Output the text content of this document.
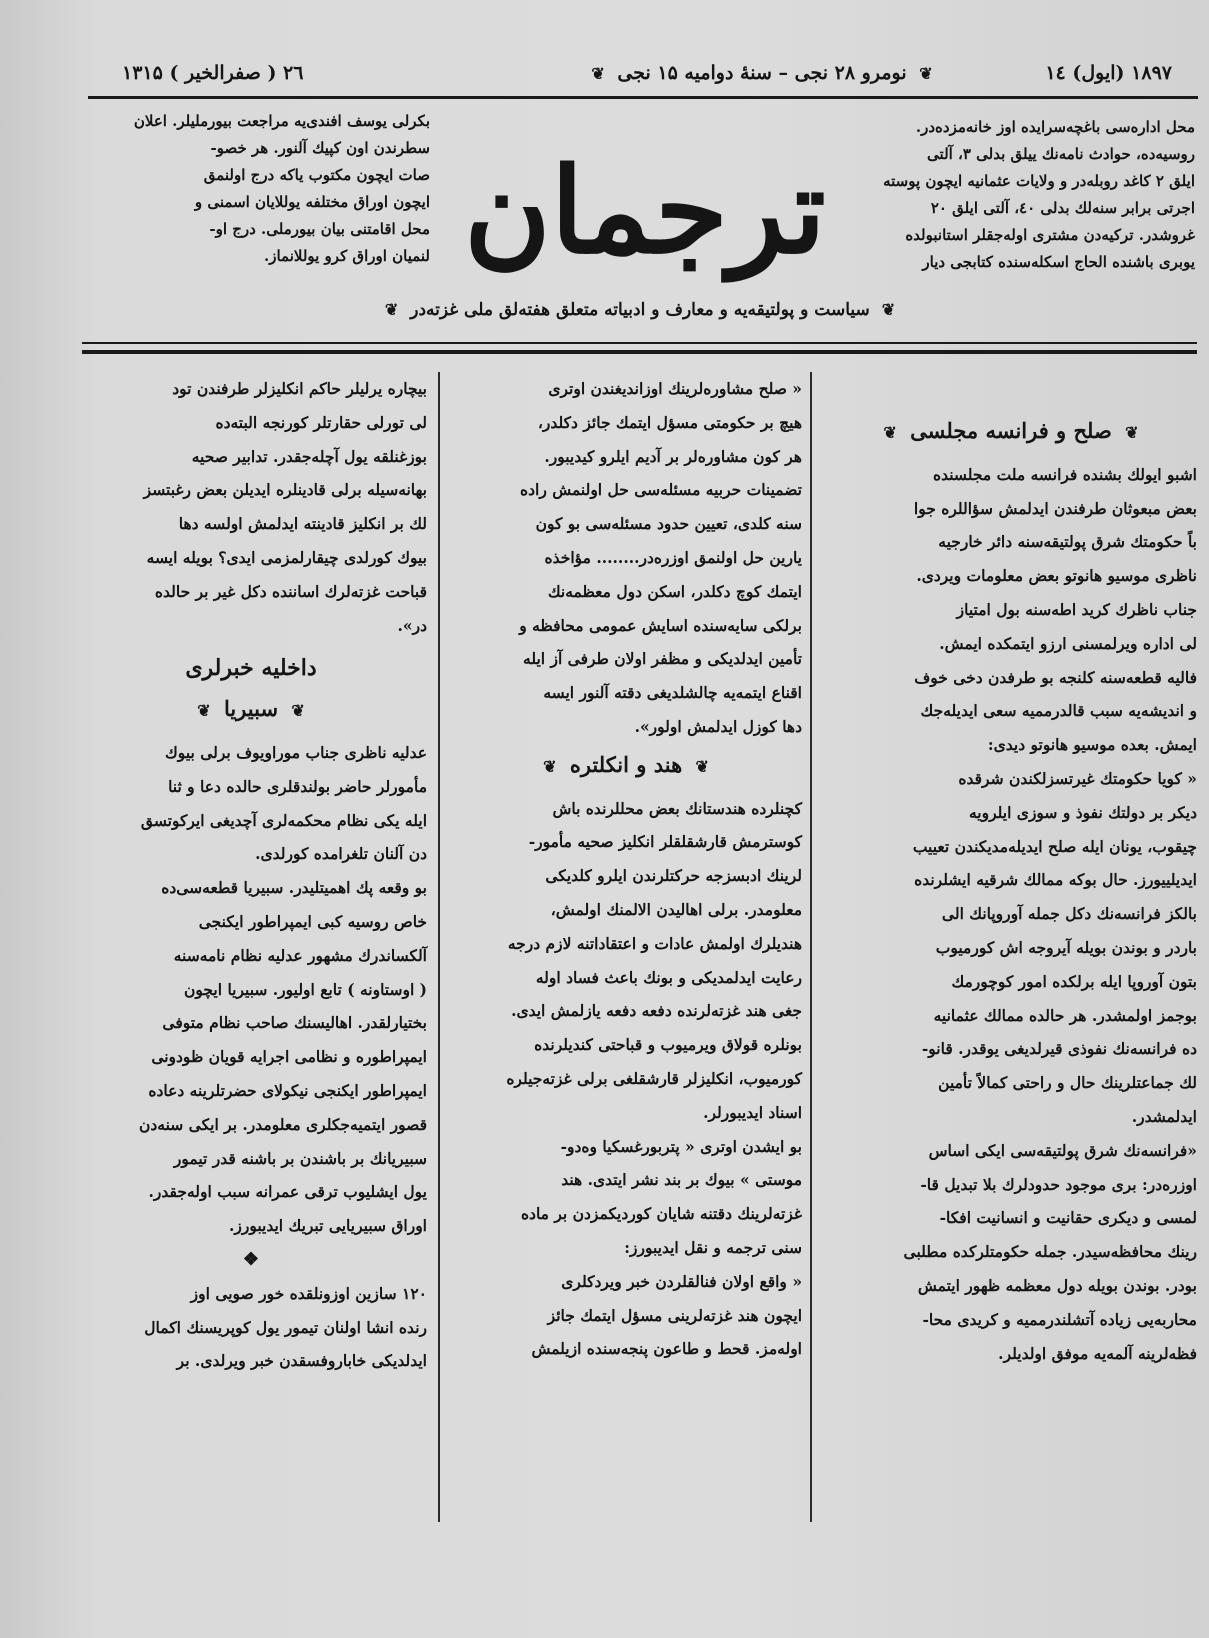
۱۸۹٧ (ايول) ۱٤
❦ نومرو ۲۸ نجی – سنهٔ دوامیه ۱۵ نجی ❦
۲٦ ( صفرالخير ) ۱۳۱۵
محل اداره‌سی باغچه‌سرایده اوز خانه‌مزده‌در.
روسيه‌ده، حوادث نامه‌نك ييلق بدلی ۳، آلتی
ايلق ۲ كاغد روبله‌در و ولايات عثمانيه ايچون پوسته
اجرتی برابر سنه‌لك بدلی ٤۰، آلتی ايلق ۲۰
غروشدر. تركيه‌دن مشتری اوله‌جقلر استانبولده
يوبری باشنده الحاج اسكله‌سنده كتابجی ديار
ترجمان
بكرلی يوسف افندی‌يه مراجعت بيورمليلر. اعلان
سطرندن اون كپيك آلنور. هر خصو-
صات ايچون مكتوب ياكه درج اولنمق
ايچون اوراق مختلفه يوللايان اسمنی و
محل اقامتنی بيان بيورملی. درج او-
لنميان اوراق كرو يوللانماز.
❦ سياست و پولتيقه‌يه و معارف و ادبياته متعلق هفته‌لق ملی غزته‌در ❦
❦ صلح و فرانسه مجلسی ❦

اشبو ايولك بشنده فرانسه ملت مجلسنده

بعض مبعوثان طرفندن ايدلمش سؤاللره جوا

باً حكومتك شرق پولتيقه‌سنه دائر خارجيه

ناظری موسيو هانوتو بعض معلومات ويردی.

جناب ناظرك كريد اطه‌سنه بول امتياز

لی اداره ويرلمسنی ارزو ايتمكده ايمش.

فاليه قطعه‌سنه كلنجه بو طرفدن دخی خوف

و انديشه‌يه سبب قالدرمميه سعی ايديله‌جك

ايمش. بعده موسيو هانوتو ديدی:

« كويا حكومتك غيرتسزلكندن شرقده

ديكر بر دولتك نفوذ و سوزی ايلرويه

چيقوب، يونان ايله صلح ايديله‌مديكندن تعييب

ايديلييورز. حال بوكه ممالك شرقيه ايشلرنده

بالكز فرانسه‌نك دكل جمله آوروپانك الی

باردر و بوندن بويله آيروجه اش كورميوب

بتون آوروپا ايله برلكده امور كوچورمك

بوجمز اولمشدر. هر حالده ممالك عثمانيه

ده فرانسه‌نك نفوذی قيرلديغی يوقدر. قانو-

لك جماعتلرينك حال و راحتی كمالاً تأمين

ايدلمشدر.

«فرانسه‌نك شرق پولتيقه‌سی ايكی اساس

اوزره‌در: بری موجود حدودلرك بلا تبديل قا-

لمسی و ديكری حقانيت و انسانيت افكا-

رينك محافظه‌سيدر. جمله حكومتلركده مطلبی

بودر. بوندن بويله دول معظمه ظهور ايتمش

محاربه‌يی زياده آتشلندرمميه و كريدی محا-

فظه‌لرينه آلمه‌يه موفق اولديلر.

« صلح مشاوره‌لرينك اوزانديغندن اوتری

هيچ بر حكومتی مسؤل ايتمك جائز دكلدر،

هر كون مشاوره‌لر بر آديم ايلرو كيديبور.

تضمينات حربيه مسئله‌سی حل اولنمش راده

سنه كلدی، تعيين حدود مسئله‌سی بو كون

يارين حل اولنمق اوزره‌در........ مؤاخذه

ايتمك كوچ دكلدر، اسكن دول معظمه‌نك

برلكی سايه‌سنده اسايش عمومی محافظه و

تأمين ايدلديكی و مظفر اولان طرفی آز ايله

اقناع ايتمه‌يه چالشلديغی دقته آلنور ايسه

دها كوزل ايدلمش اولور».

❦ هند و انكلتره ❦

كچنلرده هندستانك بعض محللرنده باش

كوسترمش قارشقلقلر انكليز صحيه مأمور-

لرينك ادبسزجه حركتلرندن ايلرو كلديكی

معلومدر. برلی اهالیدن الالمنك اولمش،

هنديلرك اولمش عادات و اعتقاداتنه لازم درجه

رعايت ايدلمديكی و بونك باعث فساد اوله

جغی هند غزته‌لرنده دفعه دفعه يازلمش ايدی.

بونلره قولاق ويرميوب و قباحتی كنديلرنده

كورميوب، انكليزلر قارشقلغی برلی غزته‌جيلره

اسناد ايديبورلر.

بو ايشدن اوتری « پتربورغسكيا وه‌دو-

موستی » بيوك بر بند نشر ايتدی. هند

غزته‌لرينك دقتنه شايان كورديكمزدن بر ماده

سنی ترجمه و نقل ايديبورز:

« واقع اولان فنالقلردن خبر ويردكلری

ايچون هند غزته‌لرينی مسؤل ايتمك جائز

اوله‌مز. قحط و طاعون پنجه‌سنده ازيلمش

بيچاره يرليلر حاكم انكليزلر طرفندن تود

لی تورلی حقارتلر كورنجه البته‌ده

بوزغنلقه يول آچله‌جقدر. تدابير صحيه

بهانه‌سيله برلی قادينلره ايديلن بعض رغبتسز

لك بر انكليز قادينته ايدلمش اولسه دها

بيوك كورلدی چيقارلمزمی ايدی؟ بويله ايسه

قباحت غزته‌لرك اساننده دكل غير بر حالده

در».

داخليه خبرلری
❦ سبيريا ❦

عدليه ناظری جناب موراويوف برلی بيوك

مأمورلر حاضر بولندقلری حالده دعا و ثنا

ايله يكی نظام محكمه‌لری آچديغی ايركوتسق

دن آلنان تلغرامده كورلدی.

بو وقعه پك اهميتليدر. سبيريا قطعه‌سی‌ده

خاص روسيه كبی ايمپراطور ايكنجی

آلكساندرك مشهور عدليه نظام نامه‌سنه

( اوستاونه ) تابع اوليور. سبيريا ايچون

بختيارلقدر. اهاليسنك صاحب نظام متوفی

ايمپراطوره و نظامی اجرايه قويان ظودونی

ايمپراطور ايكنجی نيكولای حضرتلرينه دعاده

قصور ايتميه‌جكلری معلومدر. بر ايكی سنه‌دن

سبيريانك بر باشندن بر باشنه قدر تيمور

يول ايشليوب ترقی عمرانه سبب اوله‌جقدر.

اوراق سبيريايی تبريك ايديبورز.

❖

۱۲۰ سازين اوزونلقده خور صويی اوز

رنده انشا اولنان تيمور يول كوپريسنك اكمال

ايدلديكی خاباروفسقدن خبر ويرلدی. بر
